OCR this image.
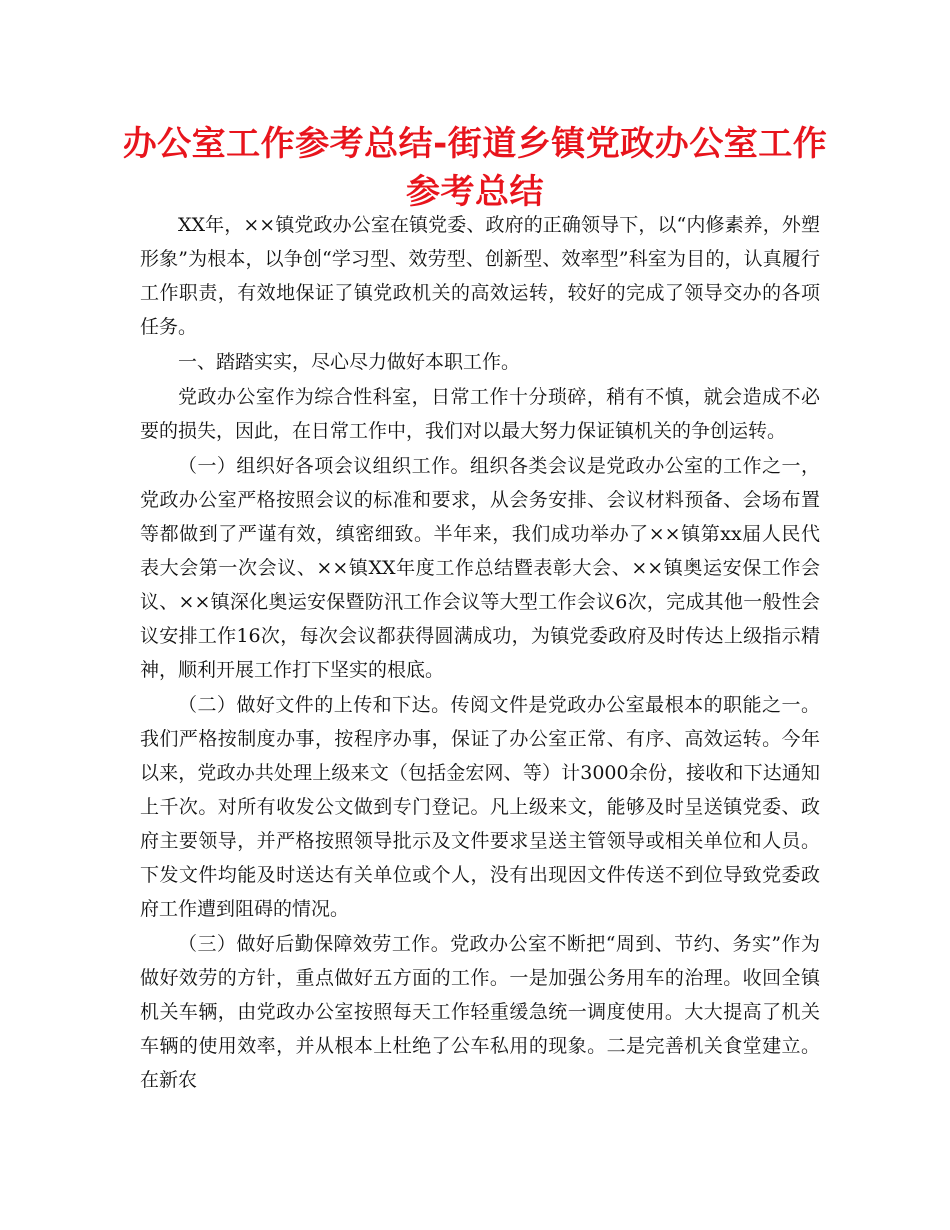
办公室工作参考总结-街道乡镇党政办公室工作参考总结

XX年，××镇党政办公室在镇党委、政府的正确领导下，以“内修素养，外塑形象”为根本，以争创“学习型、效劳型、创新型、效率型”科室为目的，认真履行工作职责，有效地保证了镇党政机关的高效运转，较好的完成了领导交办的各项任务。

一、踏踏实实，尽心尽力做好本职工作。

党政办公室作为综合性科室，日常工作十分琐碎，稍有不慎，就会造成不必要的损失，因此，在日常工作中，我们对以最大努力保证镇机关的争创运转。

（一）组织好各项会议组织工作。组织各类会议是党政办公室的工作之一，党政办公室严格按照会议的标准和要求，从会务安排、会议材料预备、会场布置等都做到了严谨有效，缜密细致。半年来，我们成功举办了××镇第xx届人民代表大会第一次会议、××镇XX年度工作总结暨表彰大会、××镇奥运安保工作会议、××镇深化奥运安保暨防汛工作会议等大型工作会议6次，完成其他一般性会议安排工作16次，每次会议都获得圆满成功，为镇党委政府及时传达上级指示精神，顺利开展工作打下坚实的根底。

（二）做好文件的上传和下达。传阅文件是党政办公室最根本的职能之一。我们严格按制度办事，按程序办事，保证了办公室正常、有序、高效运转。今年以来，党政办共处理上级来文（包括金宏网、等）计3000余份，接收和下达通知上千次。对所有收发公文做到专门登记。凡上级来文，能够及时呈送镇党委、政府主要领导，并严格按照领导批示及文件要求呈送主管领导或相关单位和人员。下发文件均能及时送达有关单位或个人，没有出现因文件传送不到位导致党委政府工作遭到阻碍的情况。

（三）做好后勤保障效劳工作。党政办公室不断把“周到、节约、务实”作为做好效劳的方针，重点做好五方面的工作。一是加强公务用车的治理。收回全镇机关车辆，由党政办公室按照每天工作轻重缓急统一调度使用。大大提高了机关车辆的使用效率，并从根本上杜绝了公车私用的现象。二是完善机关食堂建立。在新农
